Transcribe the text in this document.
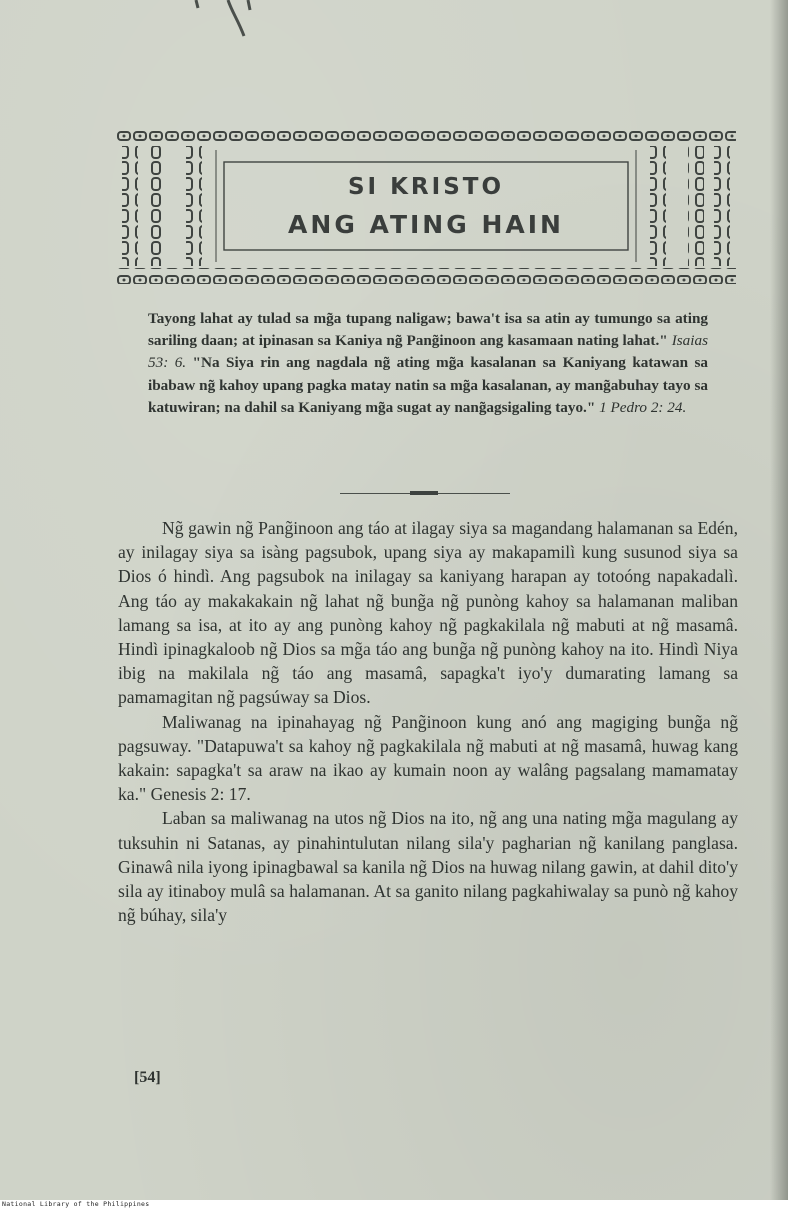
SI KRISTO
ANG ATING HAIN
Tayong lahat ay tulad sa mg̃a tupang naligaw; bawa't isa sa atin ay tumungo sa ating sariling daan; at ipinasan sa Kaniya ng̃ Pang̃inoon ang kasamaan nating lahat." Isaias 53: 6. "Na Siya rin ang nagdala ng̃ ating mg̃a kasalanan sa Kaniyang katawan sa ibabaw ng̃ kahoy upang pagka matay natin sa mg̃a kasalanan, ay mang̃abuhay tayo sa katuwiran; na dahil sa Kaniyang mg̃a sugat ay nang̃agsigaling tayo." 1 Pedro 2: 24.

Ng̃ gawin ng̃ Pang̃inoon ang táo at ilagay siya sa magandang halamanan sa Edén, ay inilagay siya sa isàng pagsubok, upang siya ay makapamilì kung susunod siya sa Dios ó hindì. Ang pagsubok na inilagay sa kaniyang harapan ay totoóng napakadalì. Ang táo ay makakakain ng̃ lahat ng̃ bung̃a ng̃ punòng kahoy sa halamanan maliban lamang sa isa, at ito ay ang punòng kahoy ng̃ pagkakilala ng̃ mabuti at ng̃ masamâ. Hindì ipinagkaloob ng̃ Dios sa mg̃a táo ang bung̃a ng̃ punòng kahoy na ito. Hindì Niya ibig na makilala ng̃ táo ang masamâ, sapagka't iyo'y dumarating lamang sa pamamagitan ng̃ pagsúway sa Dios.

Maliwanag na ipinahayag ng̃ Pang̃inoon kung anó ang magiging bung̃a ng̃ pagsuway. "Datapuwa't sa kahoy ng̃ pagkakilala ng̃ mabuti at ng̃ masamâ, huwag kang kakain: sapagka't sa araw na ikao ay kumain noon ay walâng pagsalang mamamatay ka." Genesis 2: 17.

Laban sa maliwanag na utos ng̃ Dios na ito, ng̃ ang una nating mg̃a magulang ay tuksuhin ni Satanas, ay pinahintulutan nilang sila'y pagharian ng̃ kanilang panglasa. Ginawâ nila iyong ipinagbawal sa kanila ng̃ Dios na huwag nilang gawin, at dahil dito'y sila ay itinaboy mulâ sa halamanan. At sa ganito nilang pagkahiwalay sa punò ng̃ kahoy ng̃ búhay, sila'y

[54]
National Library of the Philippines
